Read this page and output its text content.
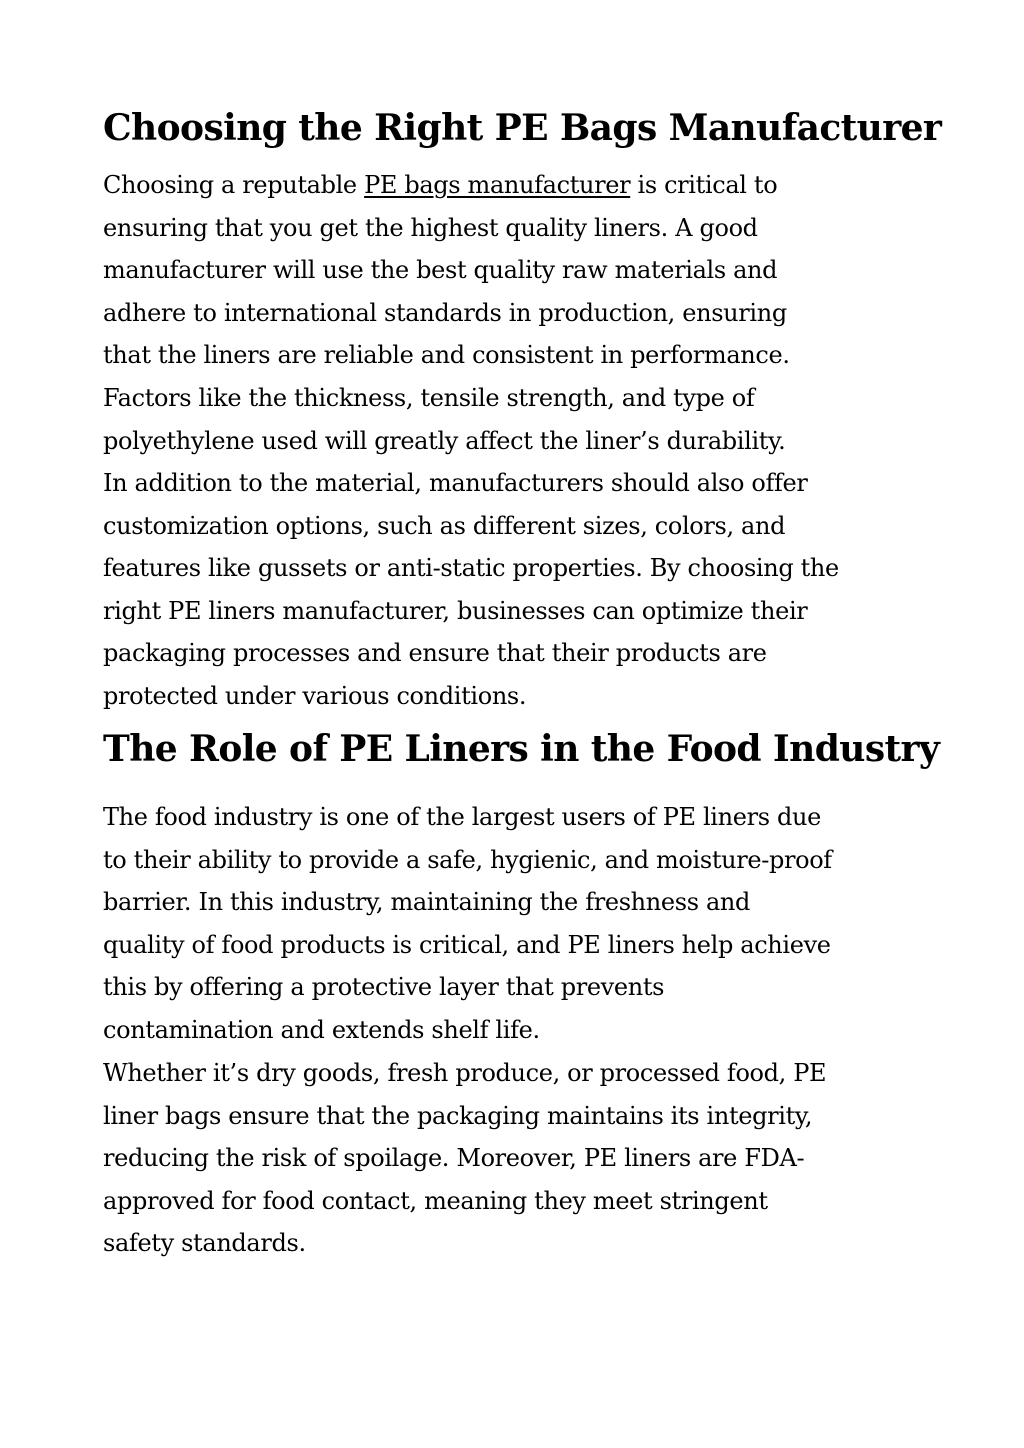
Choosing the Right PE Bags Manufacturer

Choosing a reputable PE bags manufacturer is critical to
ensuring that you get the highest quality liners. A good
manufacturer will use the best quality raw materials and
adhere to international standards in production, ensuring
that the liners are reliable and consistent in performance.
Factors like the thickness, tensile strength, and type of
polyethylene used will greatly affect the liner’s durability.

In addition to the material, manufacturers should also offer
customization options, such as different sizes, colors, and
features like gussets or anti-static properties. By choosing the
right PE liners manufacturer, businesses can optimize their
packaging processes and ensure that their products are
protected under various conditions.

The Role of PE Liners in the Food Industry

The food industry is one of the largest users of PE liners due
to their ability to provide a safe, hygienic, and moisture-proof
barrier. In this industry, maintaining the freshness and
quality of food products is critical, and PE liners help achieve
this by offering a protective layer that prevents
contamination and extends shelf life.

Whether it’s dry goods, fresh produce, or processed food, PE
liner bags ensure that the packaging maintains its integrity,
reducing the risk of spoilage. Moreover, PE liners are FDA-
approved for food contact, meaning they meet stringent
safety standards.
